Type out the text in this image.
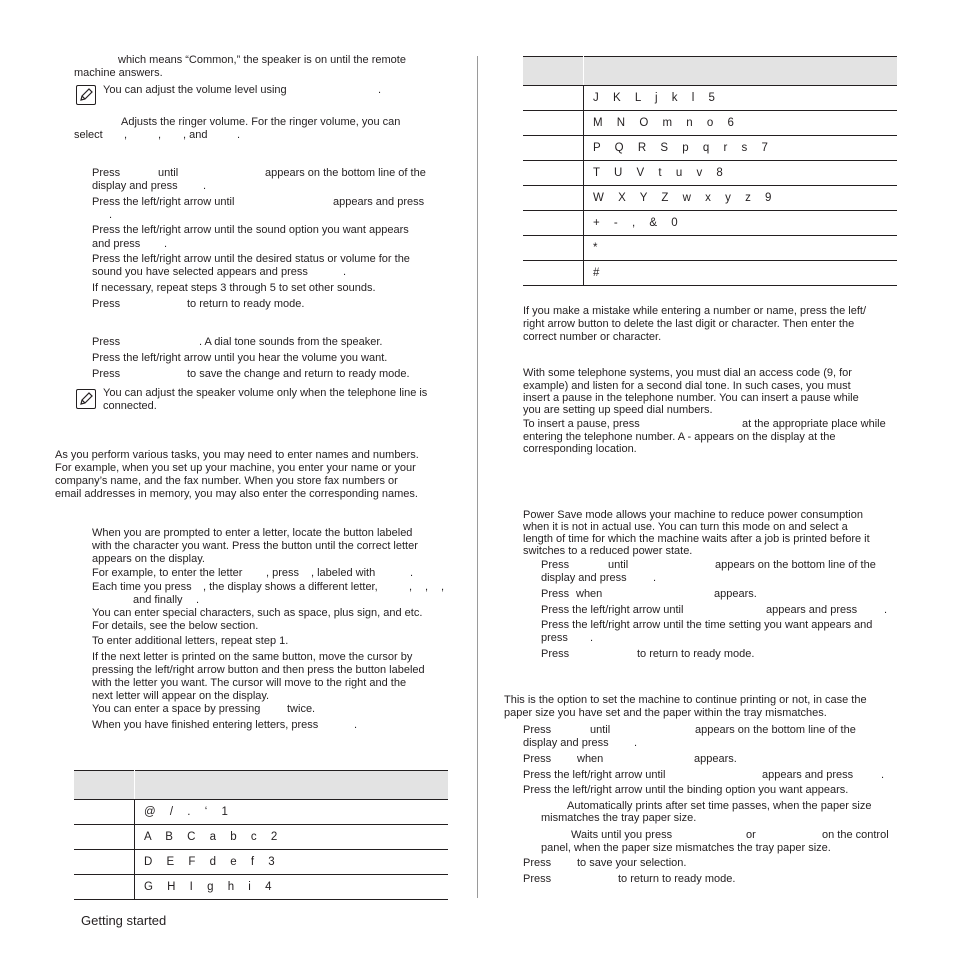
which means “Common,” the speaker is on until the remote
machine answers.
You can adjust the volume level using	.
Adjusts the ringer volume. For the ringer volume, you can
select ,	, , and	.
Press	until	appears on the bottom line of the
display and press .
Press the left/right arrow until	appears and press
.
Press the left/right arrow until the sound option you want appears
and press .
Press the left/right arrow until the desired status or volume for the
sound you have selected appears and press	.
If necessary, repeat steps 3 through 5 to set other sounds.
Press	to return to ready mode.
Press	. A dial tone sounds from the speaker.
Press the left/right arrow until you hear the volume you want.
Press	to save the change and return to ready mode.
You can adjust the speaker volume only when the telephone line is
connected.
As you perform various tasks, you may need to enter names and numbers.
For example, when you set up your machine, you enter your name or your
company’s name, and the fax number. When you store fax numbers or
email addresses in memory, you may also enter the corresponding names.
When you are prompted to enter a letter, locate the button labeled
with the character you want. Press the button until the correct letter
appears on the display.
For example, to enter the letter , press , labeled with	.
Each time you press , the display shows a different letter,	, , ,
and finally .
You can enter special characters, such as space, plus sign, and etc.
For details, see the below section.
To enter additional letters, repeat step 1.
If the next letter is printed on the same button, move the cursor by
pressing the left/right arrow button and then press the button labeled
with the letter you want. The cursor will move to the right and the
next letter will appear on the display.
You can enter a space by pressing twice.
When you have finished entering letters, press	.
If you make a mistake while entering a number or name, press the left/
right arrow button to delete the last digit or character. Then enter the
correct number or character.
With some telephone systems, you must dial an access code (9, for
example) and listen for a second dial tone. In such cases, you must
insert a pause in the telephone number. You can insert a pause while
you are setting up speed dial numbers.
To insert a pause, press	at the appropriate place while
entering the telephone number. A - appears on the display at the
corresponding location.
Power Save mode allows your machine to reduce power consumption
when it is not in actual use. You can turn this mode on and select a
length of time for which the machine waits after a job is printed before it
switches to a reduced power state.
Press	until	appears on the bottom line of the
display and press .
Press when	appears.
Press the left/right arrow until	appears and press .
Press the left/right arrow until the time setting you want appears and
press .
Press	to return to ready mode.
This is the option to set the machine to continue printing or not, in case the
paper size you have set and the paper within the tray mismatches.
Press	until	appears on the bottom line of the
display and press .
Press when	appears.
Press the left/right arrow until	appears and press	.
Press the left/right arrow until the binding option you want appears.
Automatically prints after set time passes, when the paper size
mismatches the tray paper size.
Waits until you press	or	on the control
panel, when the paper size mismatches the tray paper size.
Press to save your selection.
Press	to return to ready mode.

	@ / . ‘ 1
	A B C a b c 2
	D E F d e f 3
	G H I g h i 4

	J K L j k l 5
	M N O m n o 6
	P Q R S p q r s 7
	T U V t u v 8
	W X Y Z w x y z 9
	+ - , & 0
	*
	#
Getting started
